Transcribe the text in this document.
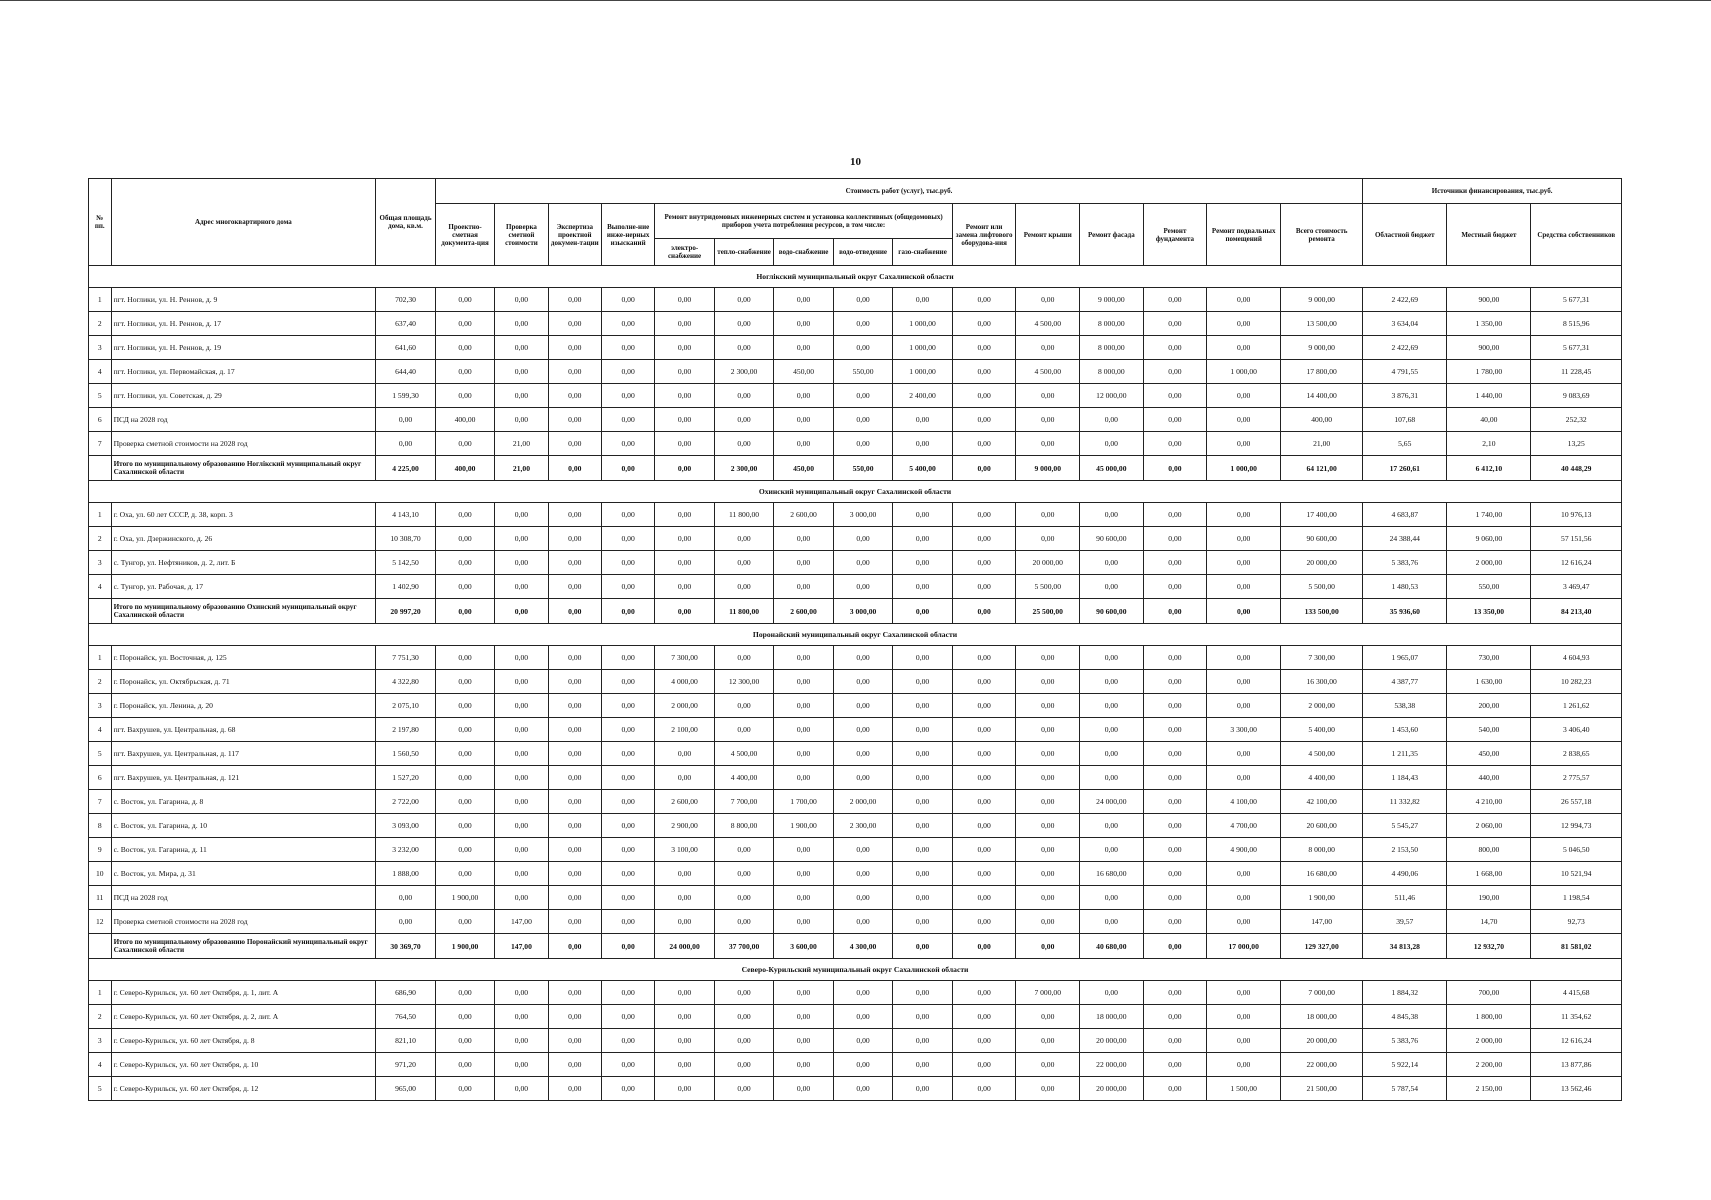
10
№ пп.	Адрес многоквартирного дома	Общая площадь дома, кв.м.	Стоимость работ (услуг), тыс.руб.															Источники финансирования, тыс.руб.		
			Проектно-сметная документа-ция	Проверка сметной стоимости	Экспертиза проектной докумен-тации	Выполне-ние инже-нерных изысканий	Ремонт внутридомовых инженерных систем и установка коллективных (общедомовых) приборов учета потребления ресурсов, в том числе:					Ремонт или замена лифтового оборудова-ния	Ремонт крыши	Ремонт фасада	Ремонт фундамента	Ремонт подвальных помещений	Всего стоимость ремонта	Областной бюджет	Местный бюджет	Средства собственников
							электро-снабжение	тепло-снабжение	водо-снабжение	водо-отведение	газо-снабжение									
Ноглікский муниципальный округ Сахалинской области																				
1	пгт. Ноглики, ул. Н. Реннов, д. 9	702,30	0,00	0,00	0,00	0,00	0,00	0,00	0,00	0,00	0,00	0,00	0,00	9 000,00	0,00	0,00	9 000,00	2 422,69	900,00	5 677,31
2	пгт. Ноглики, ул. Н. Реннов, д. 17	637,40	0,00	0,00	0,00	0,00	0,00	0,00	0,00	0,00	1 000,00	0,00	4 500,00	8 000,00	0,00	0,00	13 500,00	3 634,04	1 350,00	8 515,96
3	пгт. Ноглики, ул. Н. Реннов, д. 19	641,60	0,00	0,00	0,00	0,00	0,00	0,00	0,00	0,00	1 000,00	0,00	0,00	8 000,00	0,00	0,00	9 000,00	2 422,69	900,00	5 677,31
4	пгт. Ноглики, ул. Первомайская, д. 17	644,40	0,00	0,00	0,00	0,00	0,00	2 300,00	450,00	550,00	1 000,00	0,00	4 500,00	8 000,00	0,00	1 000,00	17 800,00	4 791,55	1 780,00	11 228,45
5	пгт. Ноглики, ул. Советская, д. 29	1 599,30	0,00	0,00	0,00	0,00	0,00	0,00	0,00	0,00	2 400,00	0,00	0,00	12 000,00	0,00	0,00	14 400,00	3 876,31	1 440,00	9 083,69
6	ПСД на 2028 год	0,00	400,00	0,00	0,00	0,00	0,00	0,00	0,00	0,00	0,00	0,00	0,00	0,00	0,00	0,00	400,00	107,68	40,00	252,32
7	Проверка сметной стоимости на 2028 год	0,00	0,00	21,00	0,00	0,00	0,00	0,00	0,00	0,00	0,00	0,00	0,00	0,00	0,00	0,00	21,00	5,65	2,10	13,25
	Итого по муниципальному образованию Ноглікский муниципальный округ Сахалинской области	4 225,00	400,00	21,00	0,00	0,00	0,00	2 300,00	450,00	550,00	5 400,00	0,00	9 000,00	45 000,00	0,00	1 000,00	64 121,00	17 260,61	6 412,10	40 448,29
Охинский муниципальный округ Сахалинской области																				
1	г. Оха, ул. 60 лет СССР, д. 38, корп. 3	4 143,10	0,00	0,00	0,00	0,00	0,00	11 800,00	2 600,00	3 000,00	0,00	0,00	0,00	0,00	0,00	0,00	17 400,00	4 683,87	1 740,00	10 976,13
2	г. Оха, ул. Дзержинского, д. 26	10 308,70	0,00	0,00	0,00	0,00	0,00	0,00	0,00	0,00	0,00	0,00	0,00	90 600,00	0,00	0,00	90 600,00	24 388,44	9 060,00	57 151,56
3	с. Тунгор, ул. Нефтяников, д. 2, лит. Б	5 142,50	0,00	0,00	0,00	0,00	0,00	0,00	0,00	0,00	0,00	0,00	20 000,00	0,00	0,00	0,00	20 000,00	5 383,76	2 000,00	12 616,24
4	с. Тунгор, ул. Рабочая, д. 17	1 402,90	0,00	0,00	0,00	0,00	0,00	0,00	0,00	0,00	0,00	0,00	5 500,00	0,00	0,00	0,00	5 500,00	1 480,53	550,00	3 469,47
	Итого по муниципальному образованию Охинский муниципальный округ Сахалинской области	20 997,20	0,00	0,00	0,00	0,00	0,00	11 800,00	2 600,00	3 000,00	0,00	0,00	25 500,00	90 600,00	0,00	0,00	133 500,00	35 936,60	13 350,00	84 213,40
Поронайский муниципальный округ Сахалинской области																				
1	г. Поронайск, ул. Восточная, д. 125	7 751,30	0,00	0,00	0,00	0,00	7 300,00	0,00	0,00	0,00	0,00	0,00	0,00	0,00	0,00	0,00	7 300,00	1 965,07	730,00	4 604,93
2	г. Поронайск, ул. Октябрьская, д. 71	4 322,80	0,00	0,00	0,00	0,00	4 000,00	12 300,00	0,00	0,00	0,00	0,00	0,00	0,00	0,00	0,00	16 300,00	4 387,77	1 630,00	10 282,23
3	г. Поронайск, ул. Ленина, д. 20	2 075,10	0,00	0,00	0,00	0,00	2 000,00	0,00	0,00	0,00	0,00	0,00	0,00	0,00	0,00	0,00	2 000,00	538,38	200,00	1 261,62
4	пгт. Вахрушев, ул. Центральная, д. 68	2 197,80	0,00	0,00	0,00	0,00	2 100,00	0,00	0,00	0,00	0,00	0,00	0,00	0,00	0,00	3 300,00	5 400,00	1 453,60	540,00	3 406,40
5	пгт. Вахрушев, ул. Центральная, д. 117	1 560,50	0,00	0,00	0,00	0,00	0,00	4 500,00	0,00	0,00	0,00	0,00	0,00	0,00	0,00	0,00	4 500,00	1 211,35	450,00	2 838,65
6	пгт. Вахрушев, ул. Центральная, д. 121	1 527,20	0,00	0,00	0,00	0,00	0,00	4 400,00	0,00	0,00	0,00	0,00	0,00	0,00	0,00	0,00	4 400,00	1 184,43	440,00	2 775,57
7	с. Восток, ул. Гагарина, д. 8	2 722,00	0,00	0,00	0,00	0,00	2 600,00	7 700,00	1 700,00	2 000,00	0,00	0,00	0,00	24 000,00	0,00	4 100,00	42 100,00	11 332,82	4 210,00	26 557,18
8	с. Восток, ул. Гагарина, д. 10	3 093,00	0,00	0,00	0,00	0,00	2 900,00	8 800,00	1 900,00	2 300,00	0,00	0,00	0,00	0,00	0,00	4 700,00	20 600,00	5 545,27	2 060,00	12 994,73
9	с. Восток, ул. Гагарина, д. 11	3 232,00	0,00	0,00	0,00	0,00	3 100,00	0,00	0,00	0,00	0,00	0,00	0,00	0,00	0,00	4 900,00	8 000,00	2 153,50	800,00	5 046,50
10	с. Восток, ул. Мира, д. 31	1 888,00	0,00	0,00	0,00	0,00	0,00	0,00	0,00	0,00	0,00	0,00	0,00	16 680,00	0,00	0,00	16 680,00	4 490,06	1 668,00	10 521,94
11	ПСД на 2028 год	0,00	1 900,00	0,00	0,00	0,00	0,00	0,00	0,00	0,00	0,00	0,00	0,00	0,00	0,00	0,00	1 900,00	511,46	190,00	1 198,54
12	Проверка сметной стоимости на 2028 год	0,00	0,00	147,00	0,00	0,00	0,00	0,00	0,00	0,00	0,00	0,00	0,00	0,00	0,00	0,00	147,00	39,57	14,70	92,73
	Итого по муниципальному образованию Поронайский муниципальный округ Сахалинской области	30 369,70	1 900,00	147,00	0,00	0,00	24 000,00	37 700,00	3 600,00	4 300,00	0,00	0,00	0,00	40 680,00	0,00	17 000,00	129 327,00	34 813,28	12 932,70	81 581,02
Северо-Курильский муниципальный округ Сахалинской области																				
1	г. Северо-Курильск, ул. 60 лет Октября, д. 1, лит. А	686,90	0,00	0,00	0,00	0,00	0,00	0,00	0,00	0,00	0,00	0,00	7 000,00	0,00	0,00	0,00	7 000,00	1 884,32	700,00	4 415,68
2	г. Северо-Курильск, ул. 60 лет Октября, д. 2, лит. А	764,50	0,00	0,00	0,00	0,00	0,00	0,00	0,00	0,00	0,00	0,00	0,00	18 000,00	0,00	0,00	18 000,00	4 845,38	1 800,00	11 354,62
3	г. Северо-Курильск, ул. 60 лет Октября, д. 8	821,10	0,00	0,00	0,00	0,00	0,00	0,00	0,00	0,00	0,00	0,00	0,00	20 000,00	0,00	0,00	20 000,00	5 383,76	2 000,00	12 616,24
4	г. Северо-Курильск, ул. 60 лет Октября, д. 10	971,20	0,00	0,00	0,00	0,00	0,00	0,00	0,00	0,00	0,00	0,00	0,00	22 000,00	0,00	0,00	22 000,00	5 922,14	2 200,00	13 877,86
5	г. Северо-Курильск, ул. 60 лет Октября, д. 12	965,00	0,00	0,00	0,00	0,00	0,00	0,00	0,00	0,00	0,00	0,00	0,00	20 000,00	0,00	1 500,00	21 500,00	5 787,54	2 150,00	13 562,46
